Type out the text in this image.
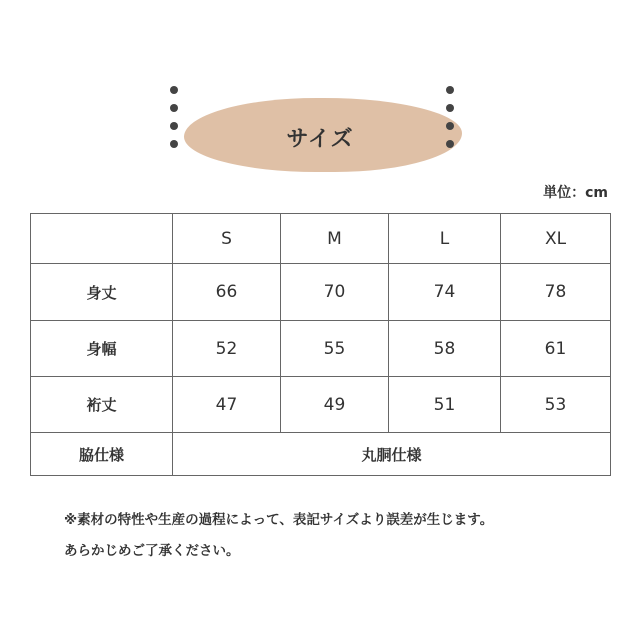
サイズ
単位：cm
	S	M	L	XL
身丈	66	70	74	78
身幅	52	55	58	61
裄丈	47	49	51	53
脇仕様	丸胴仕様			
※素材の特性や生産の過程によって、表記サイズより誤差が生じます。
あらかじめご了承ください。
